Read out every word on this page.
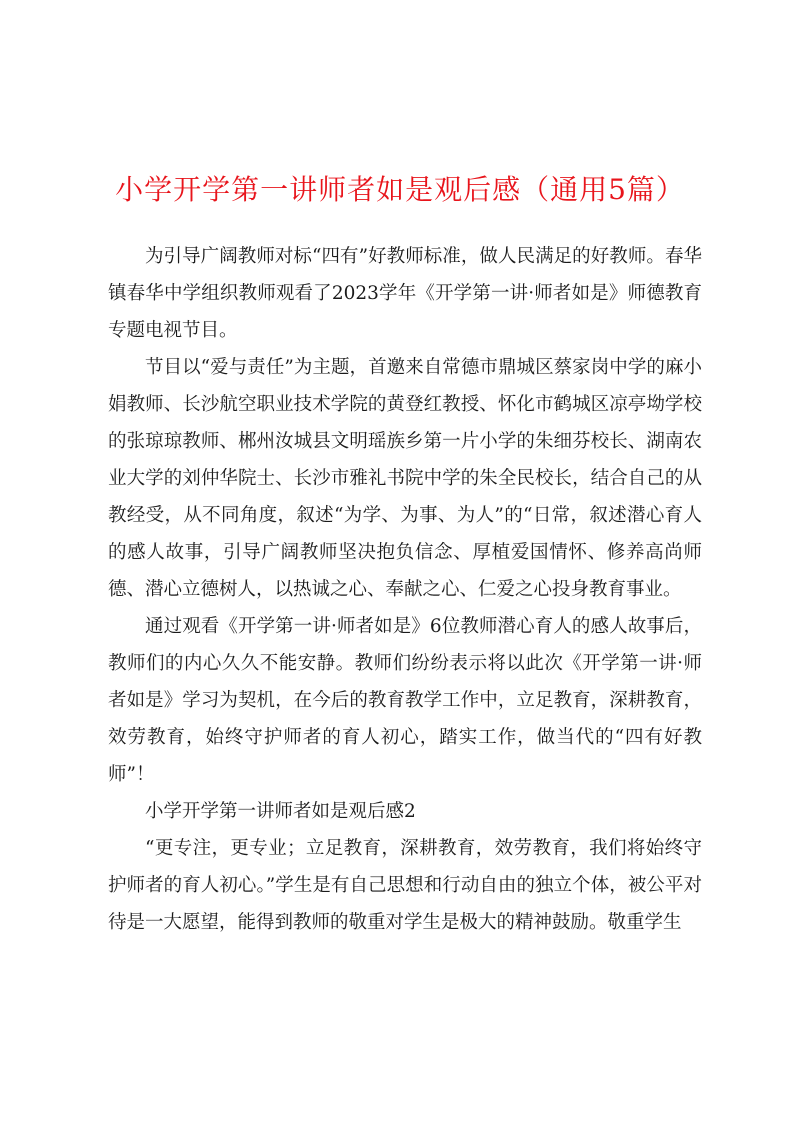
小学开学第一讲师者如是观后感（通用5篇）

为引导广阔教师对标“四有”好教师标准，做人民满足的好教师。春华镇春华中学组织教师观看了2023学年《开学第一讲·师者如是》师德教育专题电视节目。

节目以“爱与责任”为主题，首邀来自常德市鼎城区蔡家岗中学的麻小娟教师、长沙航空职业技术学院的黄登红教授、怀化市鹤城区凉亭坳学校的张琼琼教师、郴州汝城县文明瑶族乡第一片小学的朱细芬校长、湖南农业大学的刘仲华院士、长沙市雅礼书院中学的朱全民校长，结合自己的从教经受，从不同角度，叙述“为学、为事、为人”的“日常，叙述潜心育人的感人故事，引导广阔教师坚决抱负信念、厚植爱国情怀、修养高尚师德、潜心立德树人，以热诚之心、奉献之心、仁爱之心投身教育事业。

通过观看《开学第一讲·师者如是》6位教师潜心育人的感人故事后，教师们的内心久久不能安静。教师们纷纷表示将以此次《开学第一讲·师者如是》学习为契机，在今后的教育教学工作中，立足教育，深耕教育，效劳教育，始终守护师者的育人初心，踏实工作，做当代的“四有好教师”！

小学开学第一讲师者如是观后感2

“更专注，更专业；立足教育，深耕教育，效劳教育，我们将始终守护师者的育人初心。”学生是有自己思想和行动自由的独立个体，被公平对待是一大愿望，能得到教师的敬重对学生是极大的精神鼓励。敬重学生
